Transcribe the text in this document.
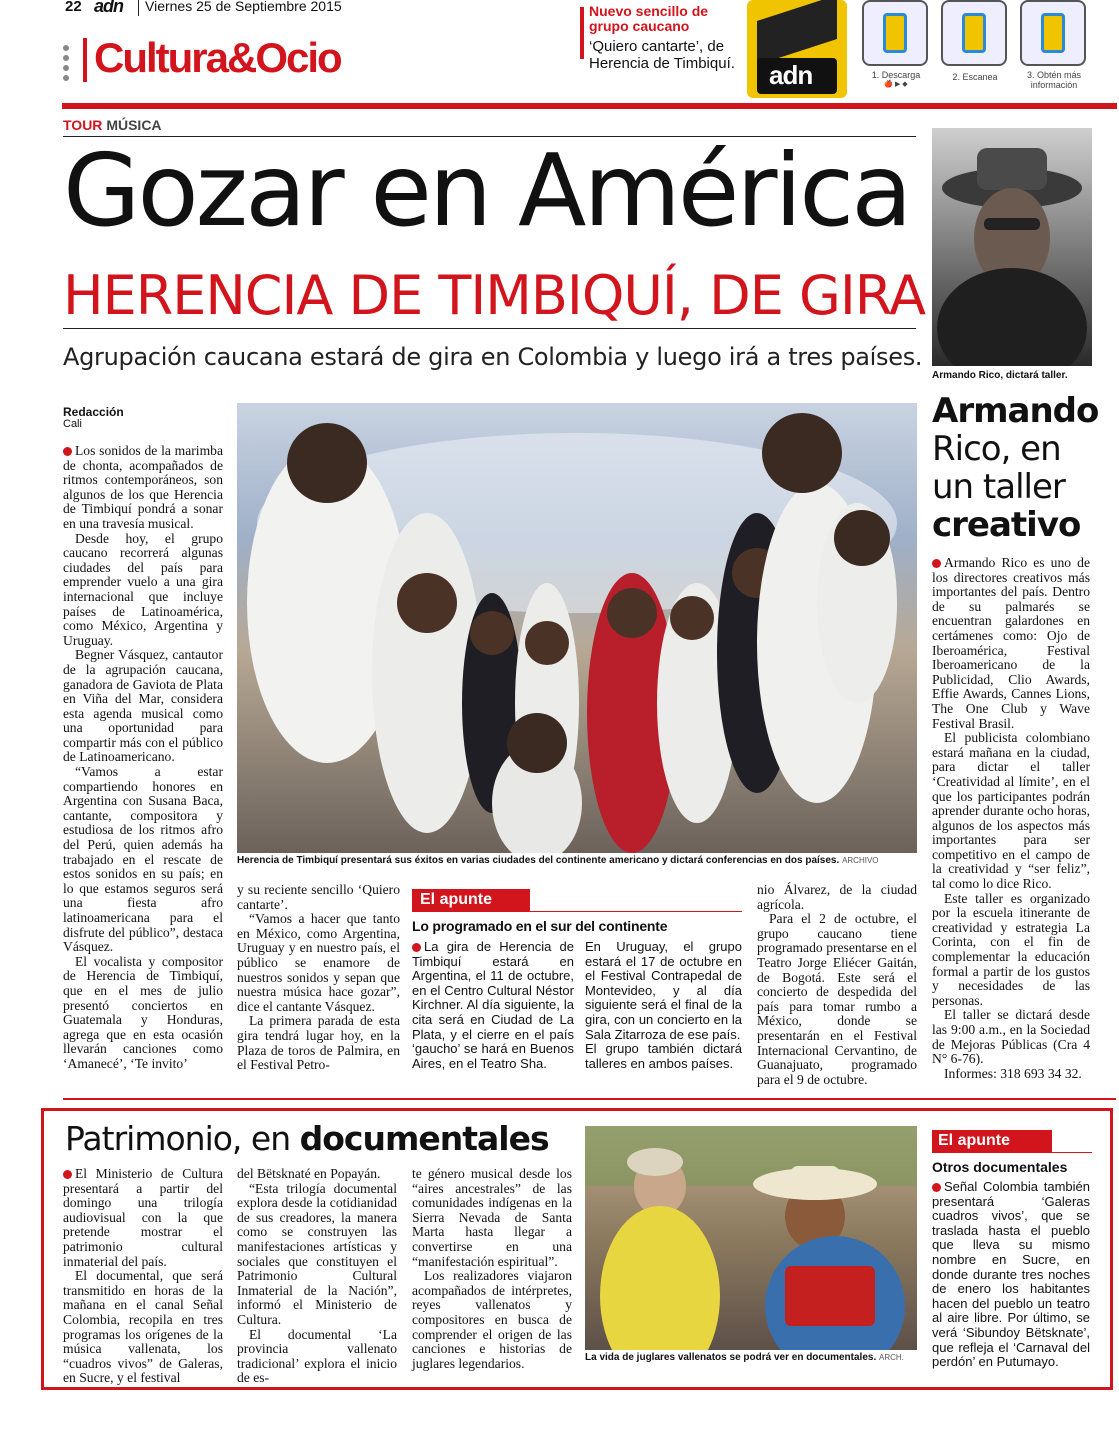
22 adn Viernes 25 de Septiembre 2015
Cultura&Ocio
Nuevo sencillo de grupo caucano
‘Quiero cantarte’, de Herencia de Timbiquí.
CULTURA
adn	1. Descarga
🍎 ▶ ◆
2. Escanea	3. Obtén más información
TOUR MÚSICA
Gozar en América
HERENCIA DE TIMBIQUÍ, DE GIRA
Agrupación caucana estará de gira en Colombia y luego irá a tres países.
Redacción
Cali

Los sonidos de la marimba de chonta, acompañados de ritmos contemporáneos, son algunos de los que Herencia de Timbiquí pondrá a sonar en una travesía musical.

Desde hoy, el grupo caucano recorrerá algunas ciudades del país para emprender vuelo a una gira internacional que incluye países de Latinoamérica, como México, Argentina y Uruguay.

Begner Vásquez, cantautor de la agrupación caucana, ganadora de Gaviota de Plata en Viña del Mar, considera esta agenda musical como una oportunidad para compartir más con el público de Latinoamericano.

“Vamos a estar compartiendo honores en Argentina con Susana Baca, cantante, compositora y estudiosa de los ritmos afro del Perú, quien además ha trabajado en el rescate de estos sonidos en su país; en lo que estamos seguros será una fiesta afro latinoamericana para el disfrute del público”, destaca Vásquez.

El vocalista y compositor de Herencia de Timbiquí, que en el mes de julio presentó conciertos en Guatemala y Honduras, agrega que en esta ocasión llevarán canciones como ‘Amanecé’, ‘Te invito’

Herencia de Timbiquí presentará sus éxitos en varias ciudades del continente americano y dictará conferencias en dos países. ARCHIVO

y su reciente sencillo ‘Quiero cantarte’.

“Vamos a hacer que tanto en México, como Argentina, Uruguay y en nuestro país, el público se enamore de nuestros sonidos y sepan que nuestra música hace gozar”, dice el cantante Vásquez.

La primera parada de esta gira tendrá lugar hoy, en la Plaza de toros de Palmira, en el Festival Petro-

El apunte
Lo programado en el sur del continente
La gira de Herencia de Timbiquí estará en Argentina, el 11 de octubre, en el Centro Cultural Néstor Kirchner. Al día siguiente, la cita será en Ciudad de La Plata, y el cierre en el país ‘gaucho’ se hará en Buenos Aires, en el Teatro Sha.

En Uruguay, el grupo estará el 17 de octubre en el Festival Contrapedal de Montevideo, y al día siguiente será el final de la gira, con un concierto en la Sala Zitarroza de ese país.

El grupo también dictará talleres en ambos países.

nio Álvarez, de la ciudad agrícola.

Para el 2 de octubre, el grupo caucano tiene programado presentarse en el Teatro Jorge Eliécer Gaitán, de Bogotá. Este será el concierto de despedida del país para tomar rumbo a México, donde se presentarán en el Festival Internacional Cervantino, de Guanajuato, programado para el 9 de octubre.

Armando Rico, dictará taller.
Armando
Rico, en
un taller
creativo

Armando Rico es uno de los directores creativos más importantes del país. Dentro de su palmarés se encuentran galardones en certámenes como: Ojo de Iberoamérica, Festival Iberoamericano de la Publicidad, Clio Awards, Effie Awards, Cannes Lions, The One Club y Wave Festival Brasil.

El publicista colombiano estará mañana en la ciudad, para dictar el taller ‘Creatividad al límite’, en el que los participantes podrán aprender durante ocho horas, algunos de los aspectos más importantes para ser competitivo en el campo de la creatividad y “ser feliz”, tal como lo dice Rico.

Este taller es organizado por la escuela itinerante de creatividad y estrategia La Corinta, con el fin de complementar la educación formal a partir de los gustos y necesidades de las personas.

El taller se dictará desde las 9:00 a.m., en la Sociedad de Mejoras Públicas (Cra 4 N° 6-76).

Informes: 318 693 34 32.

Patrimonio, en documentales

El Ministerio de Cultura presentará a partir del domingo una trilogía audiovisual con la que pretende mostrar el patrimonio cultural inmaterial del país.

El documental, que será transmitido en horas de la mañana en el canal Señal Colombia, recopila en tres programas los orígenes de la música vallenata, los “cuadros vivos” de Galeras, en Sucre, y el festival

del Bëtsknaté en Popayán.

“Esta trilogía documental explora desde la cotidianidad de sus creadores, la manera como se construyen las manifestaciones artísticas y sociales que constituyen el Patrimonio Cultural Inmaterial de la Nación”, informó el Ministerio de Cultura.

El documental ‘La provincia vallenato tradicional’ explora el inicio de es-

te género musical desde los “aires ancestrales” de las comunidades indígenas en la Sierra Nevada de Santa Marta hasta llegar a convertirse en una “manifestación espiritual”.

Los realizadores viajaron acompañados de intérpretes, reyes vallenatos y compositores en busca de comprender el origen de las canciones e historias de juglares legendarios.	La vida de juglares vallenatos se podrá ver en documentales. ARCH.
El apunte
Otros documentales
Señal Colombia también presentará ‘Galeras cuadros vivos’, que se traslada hasta el pueblo que lleva su mismo nombre en Sucre, en donde durante tres noches de enero los habitantes hacen del pueblo un teatro al aire libre. Por último, se verá ‘Sibundoy Bëtsknate’, que refleja el ‘Carnaval del perdón’ en Putumayo.
